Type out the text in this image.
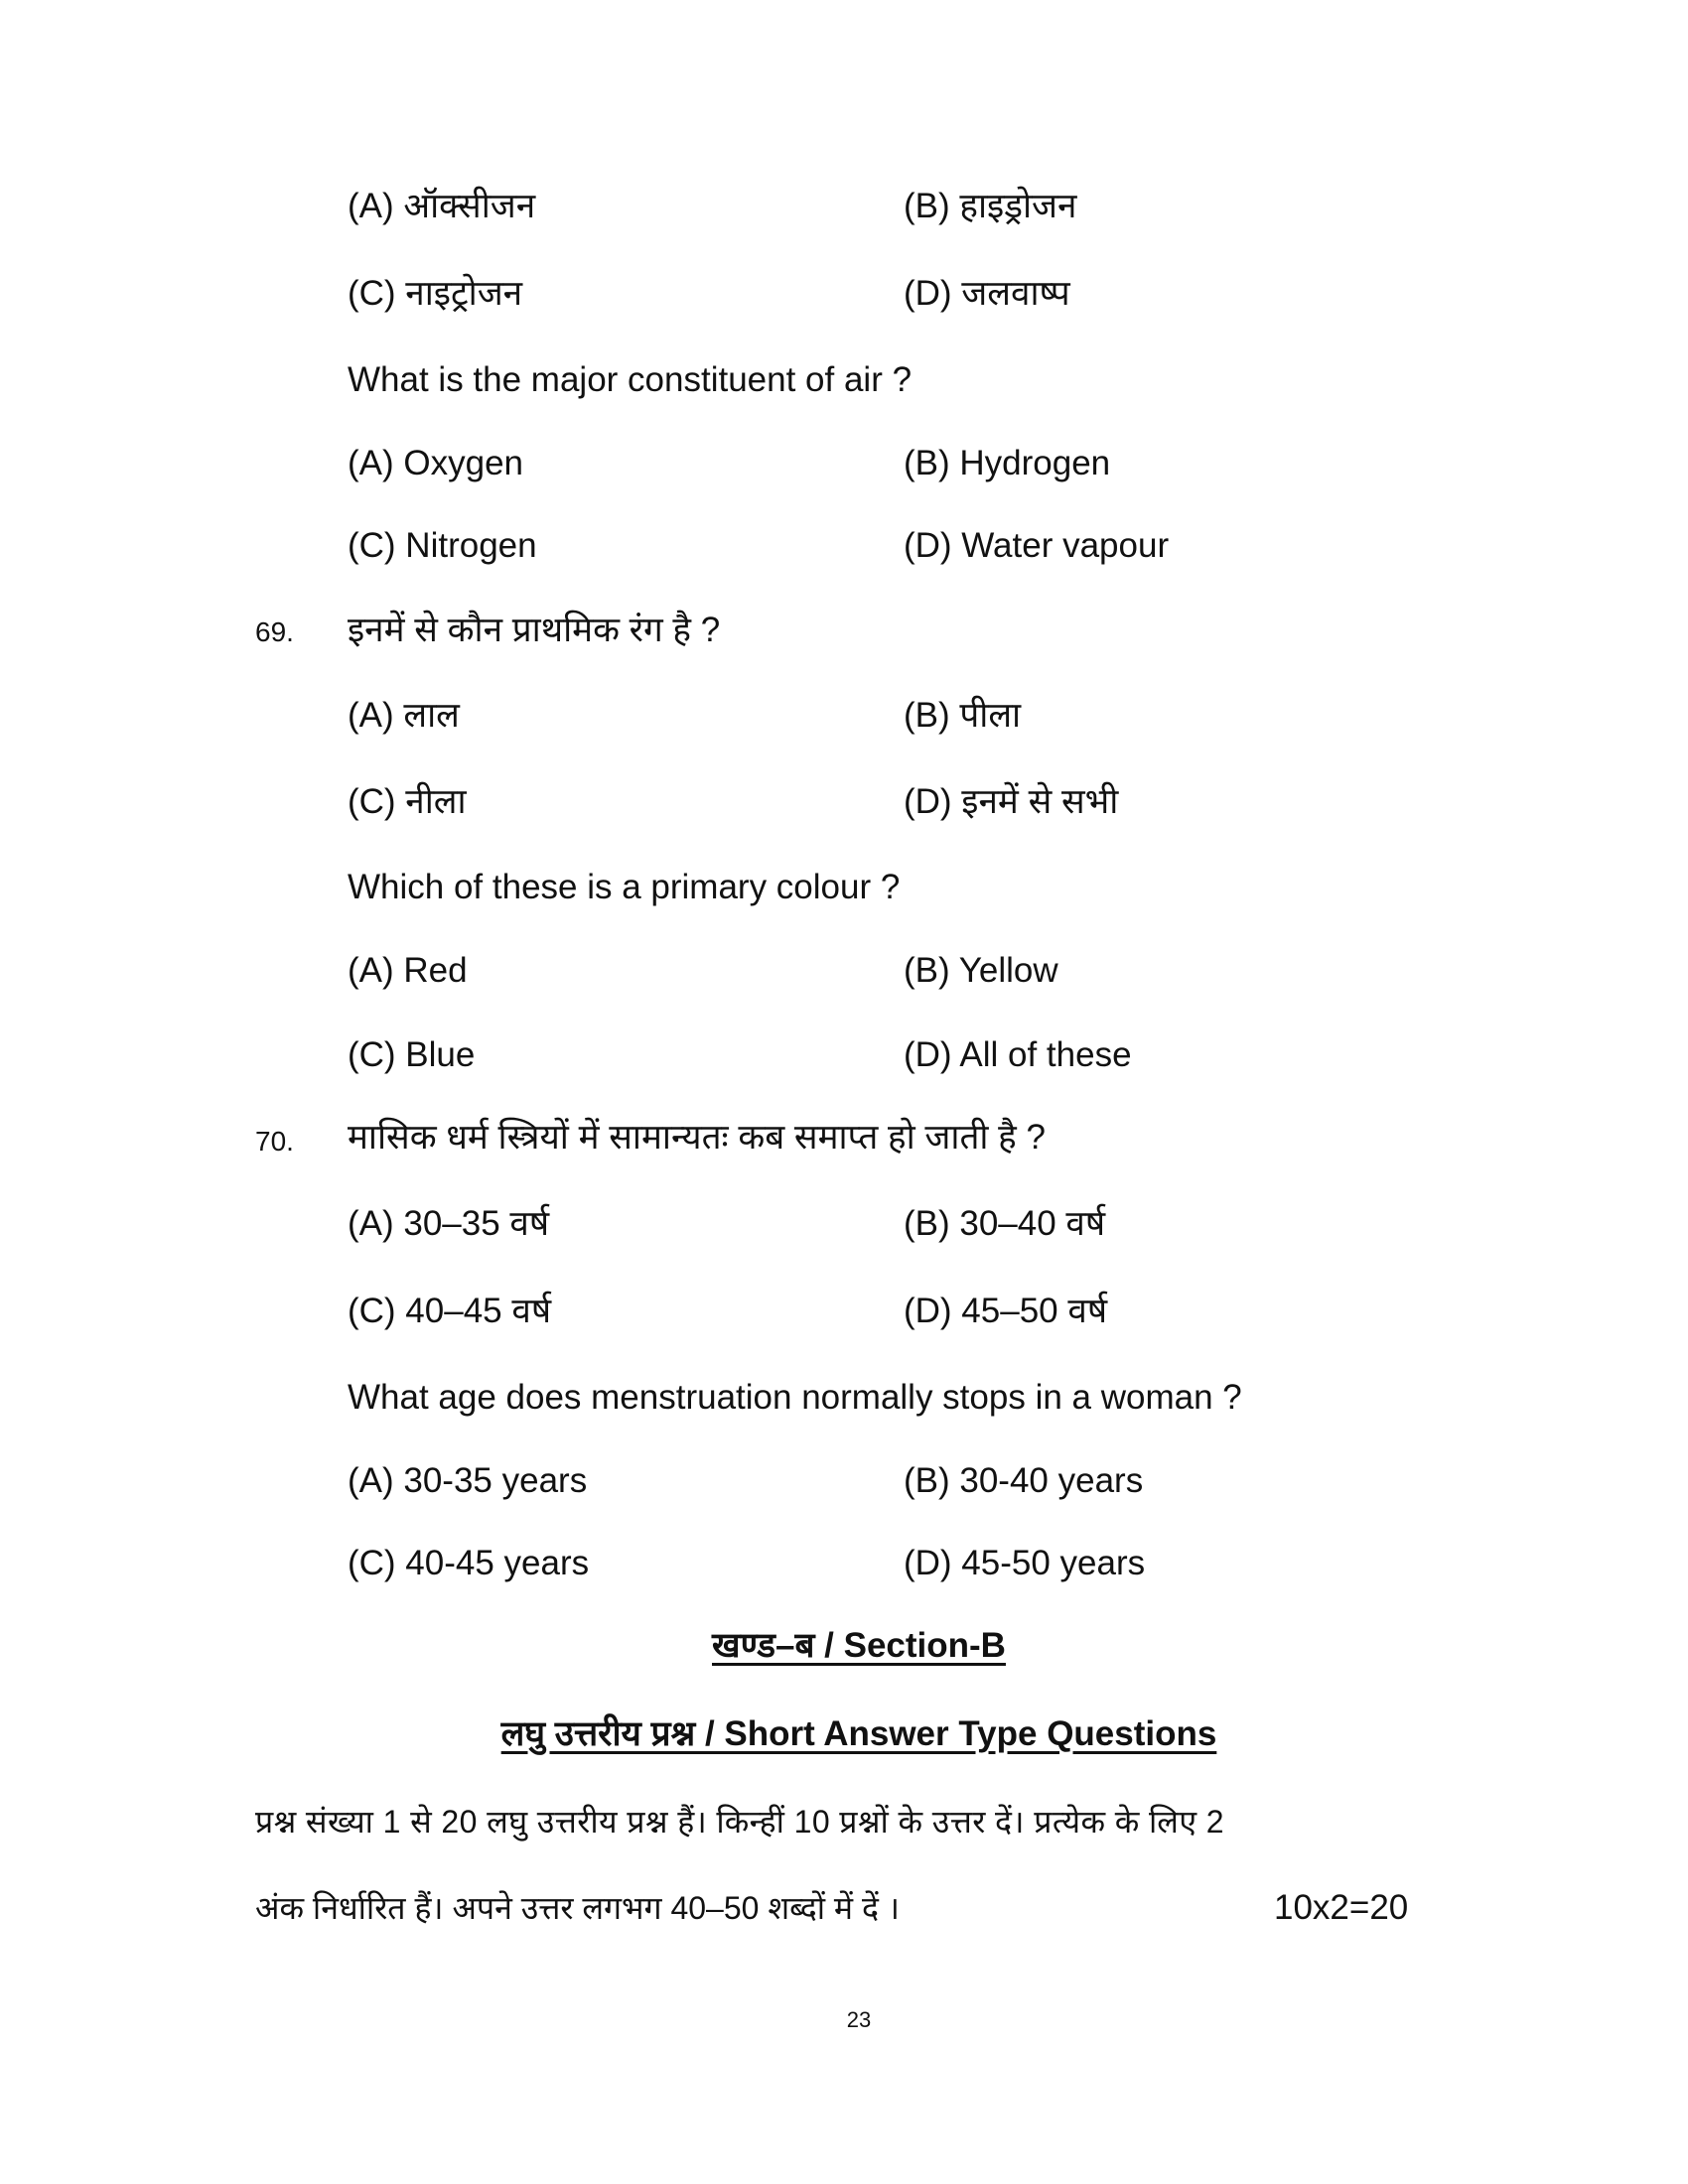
(A) ऑक्सीजन	(B) हाइड्रोजन
(C) नाइट्रोजन	(D) जलवाष्प
What is the major constituent of air ?
(A) Oxygen	(B) Hydrogen
(C) Nitrogen	(D) Water vapour
69. इनमें से कौन प्राथमिक रंग है ?
(A) लाल	(B) पीला
(C) नीला	(D) इनमें से सभी
Which of these is a primary colour ?
(A) Red	(B) Yellow
(C) Blue	(D) All of these
70. मासिक धर्म स्त्रियों में सामान्यतः कब समाप्त हो जाती है ?
(A) 30–35 वर्ष	(B) 30–40 वर्ष
(C) 40–45 वर्ष	(D) 45–50 वर्ष
What age does menstruation normally stops in a woman ?
(A) 30-35 years	(B) 30-40 years
(C) 40-45 years	(D) 45-50 years
खण्ड–ब / Section-B
लघु उत्तरीय प्रश्न / Short Answer Type Questions
प्रश्न संख्या 1 से 20 लघु उत्तरीय प्रश्न हैं। किन्हीं 10 प्रश्नों के उत्तर दें। प्रत्येक के लिए 2
अंक निर्धारित हैं। अपने उत्तर लगभग 40–50 शब्दों में दें ।	10x2=20
23
